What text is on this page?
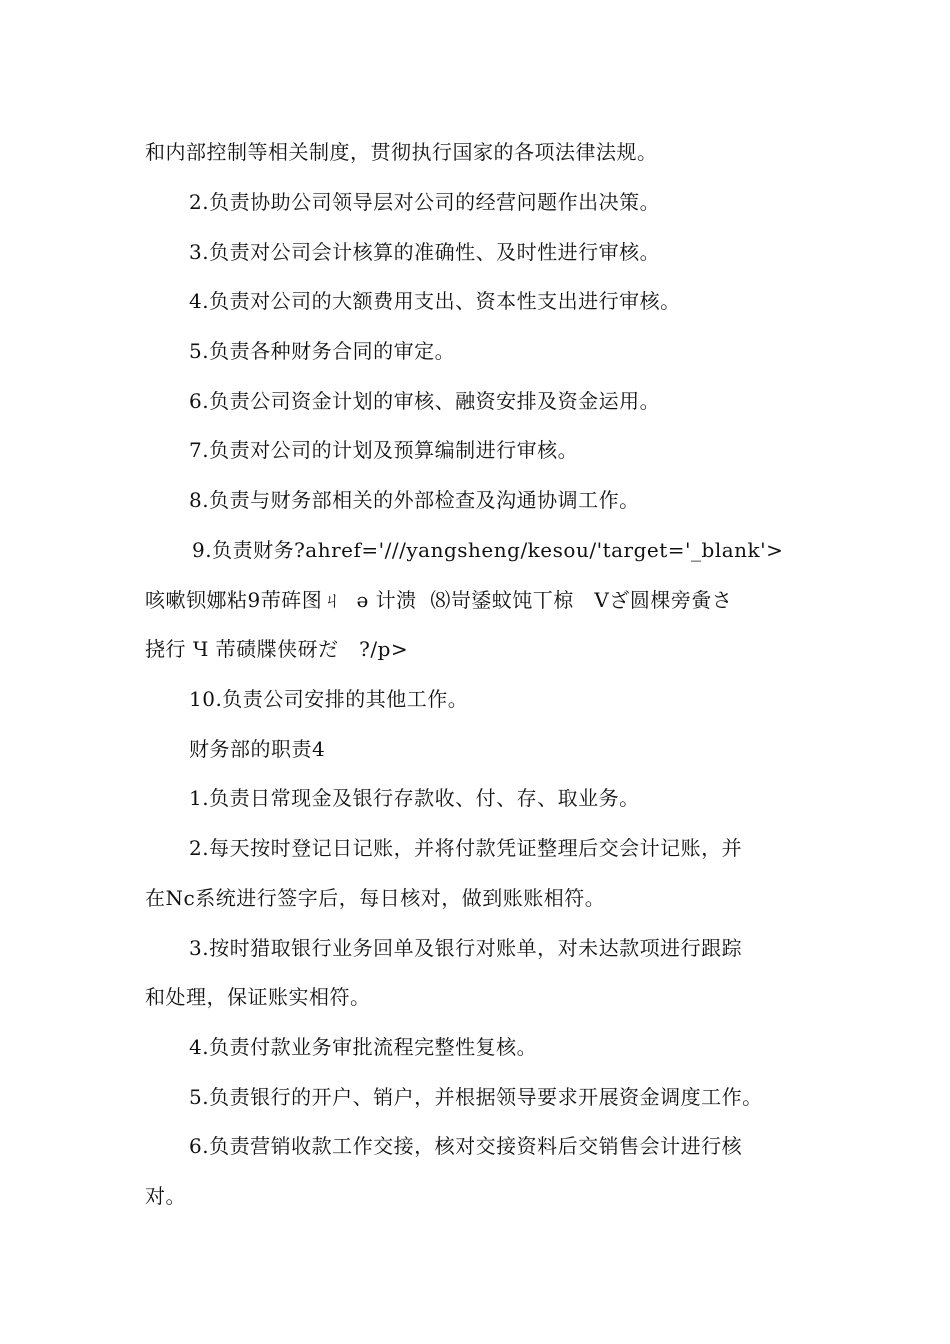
和内部控制等相关制度，贯彻执行国家的各项法律法规。
2.负责协助公司领导层对公司的经营问题作出决策。
3.负责对公司会计核算的准确性、及时性进行审核。
4.负责对公司的大额费用支出、资本性支出进行审核。
5.负责各种财务合同的审定。
6.负责公司资金计划的审核、融资安排及资金运用。
7.负责对公司的计划及预算编制进行审核。
8.负责与财务部相关的外部检查及沟通协调工作。
9.负责财务?ahref='///yangsheng/kesou/'target='_blank'>
咳嗽钡娜粘9芾砗图ㄐ  ə 计溃  ⑻岢鋈蚊饨丅椋   Vざ圆棵旁夤さ
挠行 Ч 芾碛牒侠砑だ　?/p>
10.负责公司安排的其他工作。
财务部的职责4
1.负责日常现金及银行存款收、付、存、取业务。
2.每天按时登记日记账，并将付款凭证整理后交会计记账，并
在Nc系统进行签字后，每日核对，做到账账相符。
3.按时猎取银行业务回单及银行对账单，对未达款项进行跟踪
和处理，保证账实相符。
4.负责付款业务审批流程完整性复核。
5.负责银行的开户、销户，并根据领导要求开展资金调度工作。
6.负责营销收款工作交接，核对交接资料后交销售会计进行核
对。
